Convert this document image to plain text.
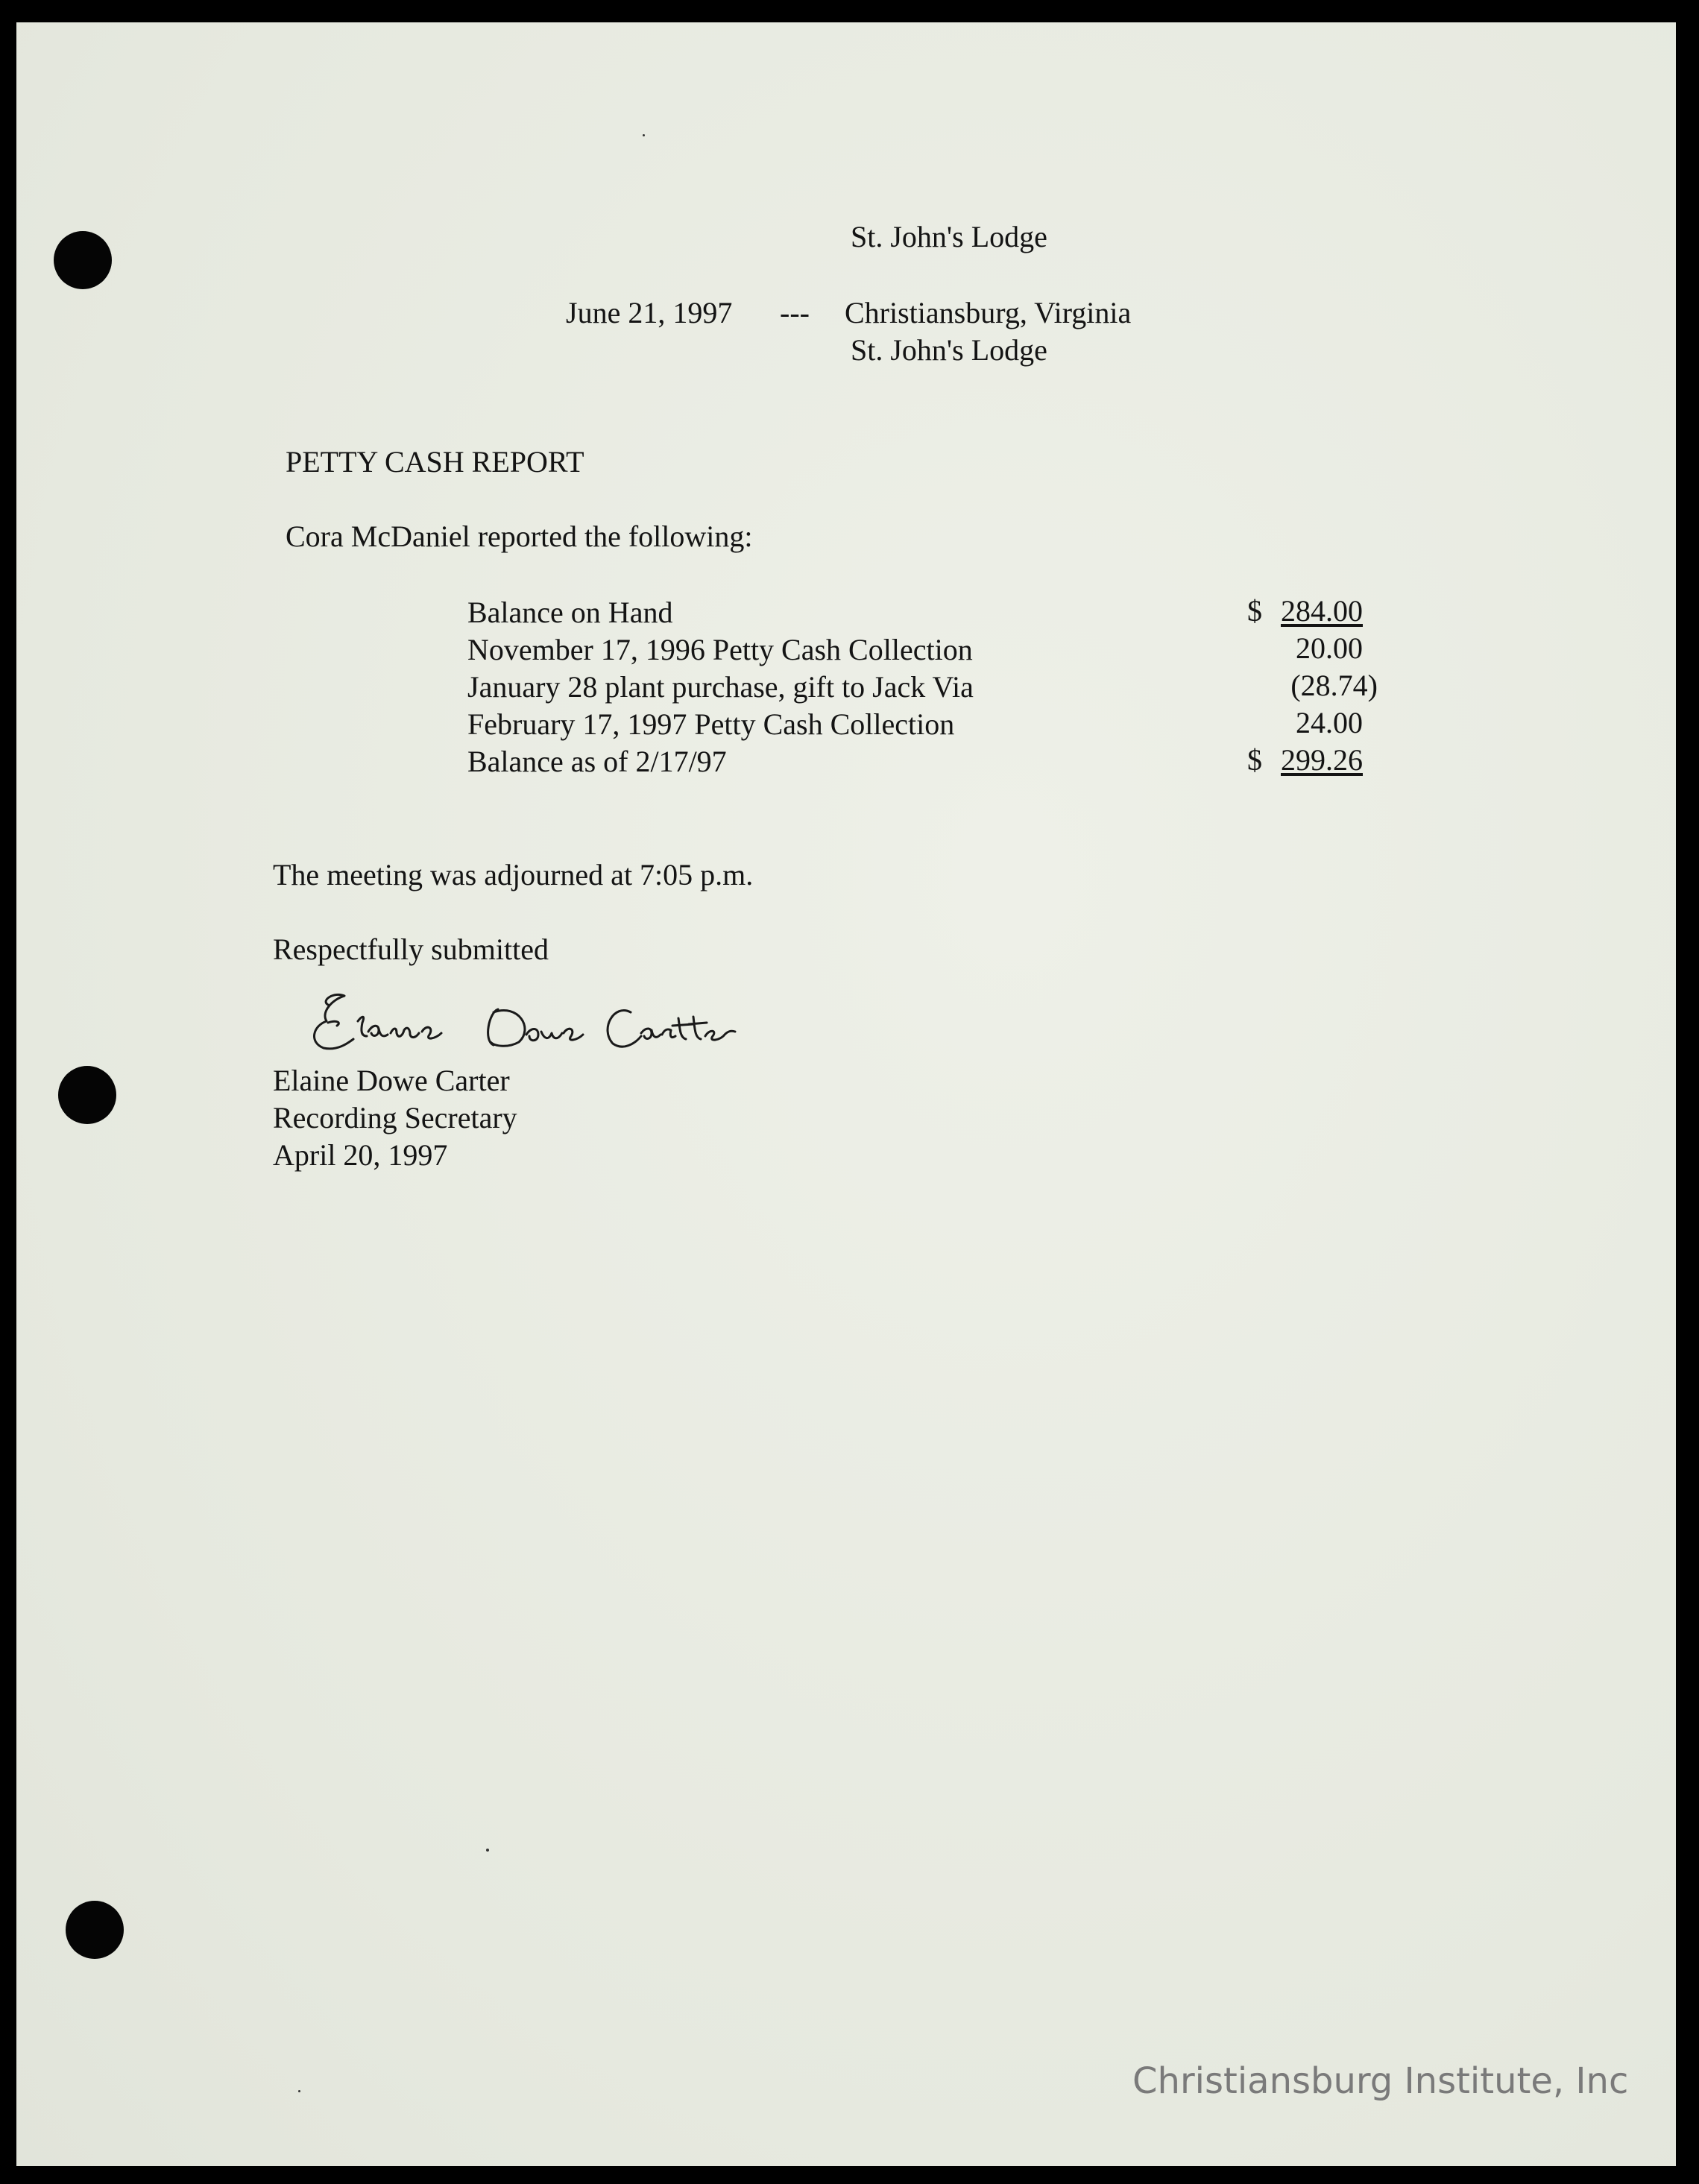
St. John's Lodge
June 21, 1997 --- Christiansburg, Virginia
St. John's Lodge
PETTY CASH REPORT
Cora McDaniel reported the following:
Balance on Hand	$ 284.00
November 17, 1996 Petty Cash Collection	20.00
January 28 plant purchase, gift to Jack Via	(28.74)
February 17, 1997 Petty Cash Collection	24.00
Balance as of 2/17/97	$ 299.26
The meeting was adjourned at 7:05 p.m.
Respectfully submitted
Elaine Dowe Carter
Recording Secretary
April 20, 1997
Christiansburg Institute, Inc
